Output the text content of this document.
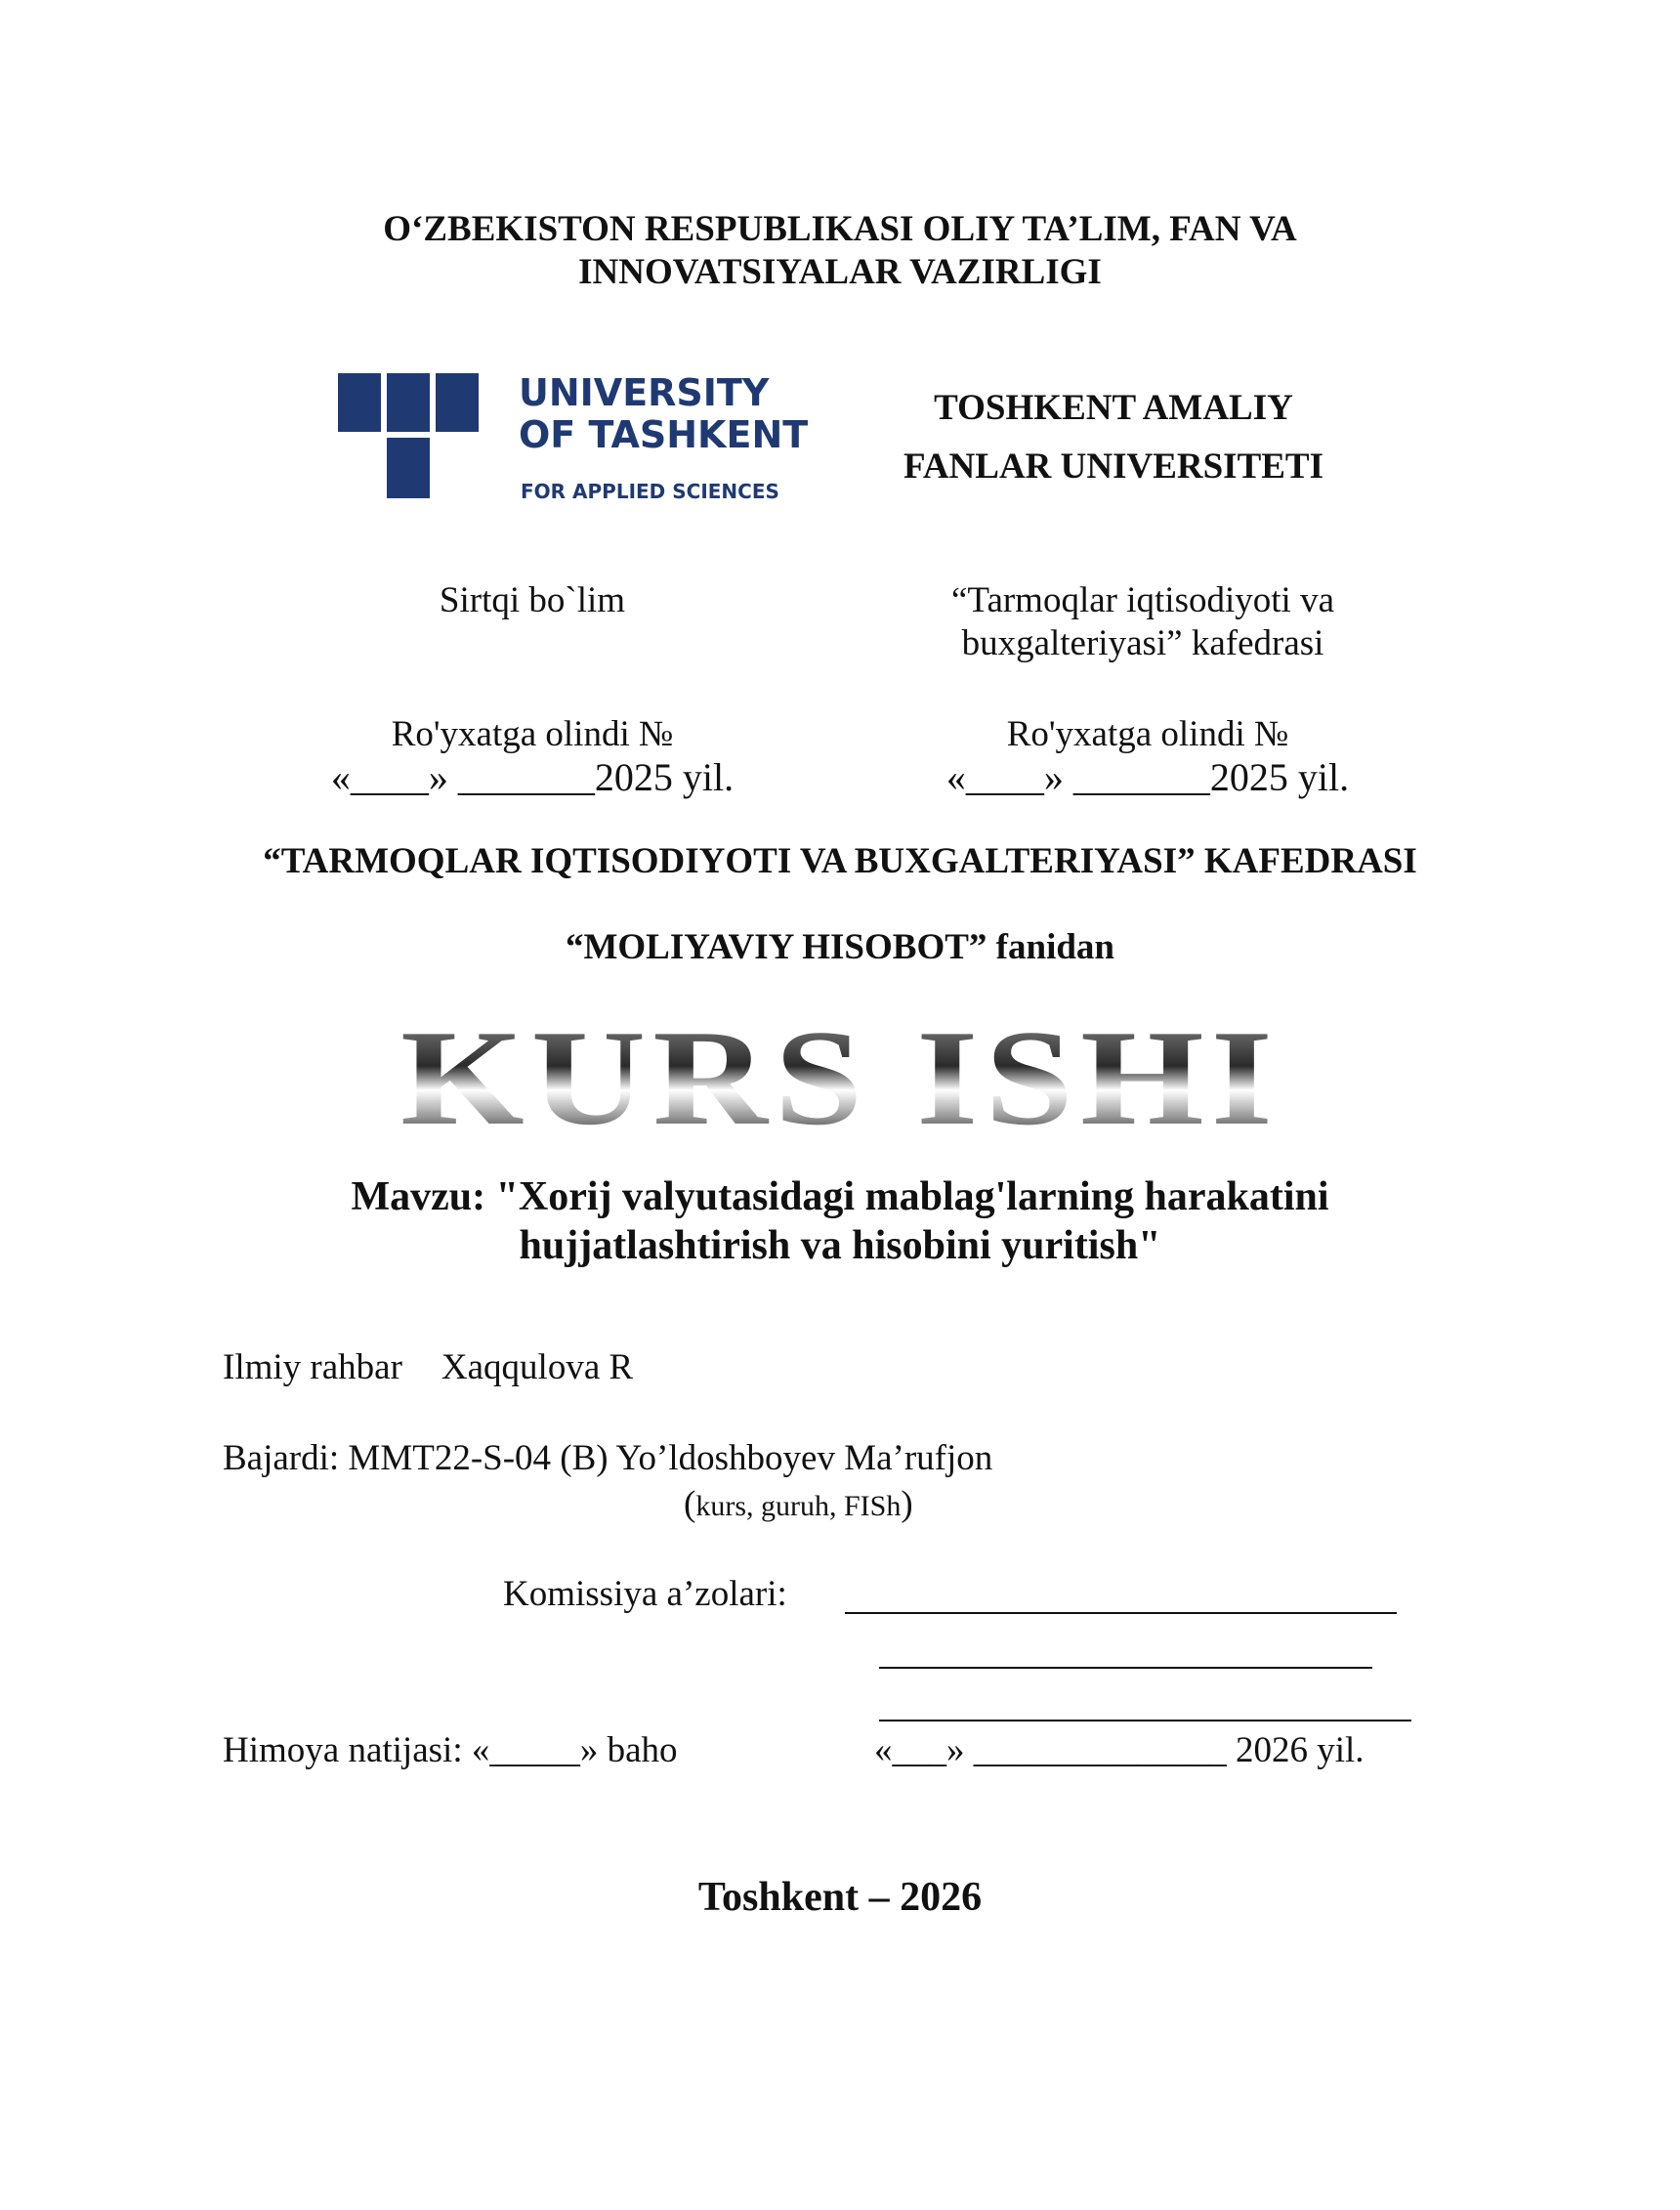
O‘ZBEKISTON RESPUBLIKASI OLIY TA’LIM, FAN VA
INNOVATSIYALAR VAZIRLIGI
UNIVERSITY
OF TASHKENT
FOR APPLIED SCIENCES
TOSHKENT AMALIY
FANLAR UNIVERSITETI
Sirtqi bo`lim	“Tarmoqlar iqtisodiyoti va
buxgalteriyasi” kafedrasi
Ro'yxatga olindi №
«____» _______2025 yil.
Ro'yxatga olindi №
«____» _______2025 yil.
“TARMOQLAR IQTISODIYOTI VA BUXGALTERIYASI” KAFEDRASI
“MOLIYAVIY HISOBOT” fanidan
KURS ISHI
Mavzu: "Xorij valyutasidagi mablag'larning harakatini
hujjatlashtirish va hisobini yuritish"
Ilmiy rahbar Xaqqulova R
Bajardi: MMT22-S-04 (B) Yo’ldoshboyev Ma’rufjon
(kurs, guruh, FISh)
Komissiya a’zolari:
Himoya natijasi: «_____» baho	«___» ______________ 2026 yil.
Toshkent – 2026
